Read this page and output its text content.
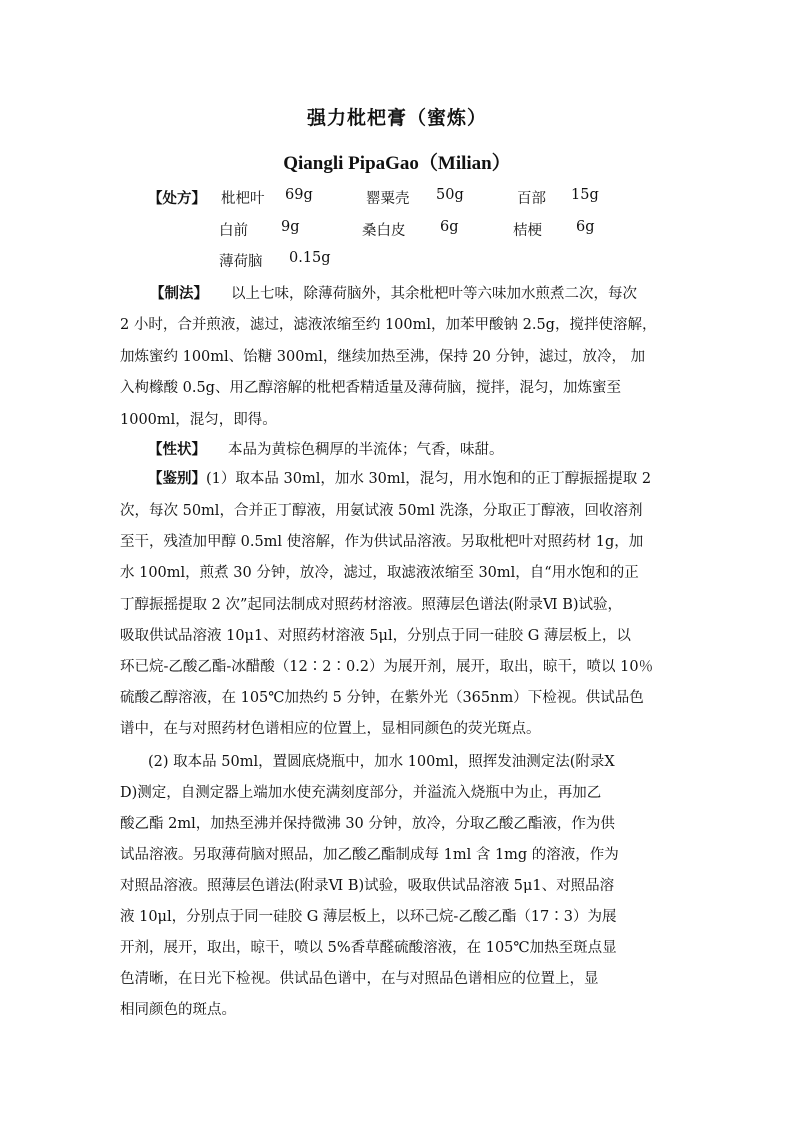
强力枇杷膏（蜜炼）
Qiangli PipaGao（Milian）
【处方】 枇杷叶 69g	罂粟壳 50g	百部 15g
白前 9g	桑白皮 6g	桔梗 6g
薄荷脑 0.15g
【制法】 以上七味，除薄荷脑外，其余枇杷叶等六味加水煎煮二次，每次
2 小时，合并煎液，滤过，滤液浓缩至约 100ml，加苯甲酸钠 2.5g，搅拌使溶解，
加炼蜜约 100ml、饴糖 300ml，继续加热至沸，保持 20 分钟，滤过，放冷， 加
入枸橼酸 0.5g、用乙醇溶解的枇杷香精适量及薄荷脑，搅拌，混匀，加炼蜜至
1000ml，混匀，即得。
【性状】 本品为黄棕色稠厚的半流体；气香，味甜。
【鉴别】 (1）取本品 30ml，加水 30ml，混匀，用水饱和的正丁醇振摇提取 2
次，每次 50ml，合并正丁醇液，用氨试液 50ml 洗涤，分取正丁醇液，回收溶剂
至干，残渣加甲醇 0.5ml 使溶解，作为供试品溶液。另取枇杷叶对照药材 1g，加
水 100ml，煎煮 30 分钟，放冷，滤过，取滤液浓缩至 30ml，自“用水饱和的正
丁醇振摇提取 2 次”起同法制成对照药材溶液。照薄层色谱法(附录Ⅵ B)试验，
吸取供试品溶液 10μ1、对照药材溶液 5μl，分别点于同一硅胶 G 薄层板上，以
环已烷-乙酸乙酯-冰醋酸（12∶2∶0.2）为展开剂，展开，取出，晾干，喷以 10％
硫酸乙醇溶液，在 105℃加热约 5 分钟，在紫外光（365nm）下检视。供试品色
谱中，在与对照药材色谱相应的位置上，显相同颜色的荧光斑点。
(2) 取本品 50ml，置圆底烧瓶中，加水 100ml，照挥发油测定法(附录Ⅹ
D)测定，自测定器上端加水使充满刻度部分，并溢流入烧瓶中为止，再加乙
酸乙酯 2ml，加热至沸并保持微沸 30 分钟，放冷，分取乙酸乙酯液，作为供
试品溶液。另取薄荷脑对照品，加乙酸乙酯制成每 1ml 含 1mg 的溶液，作为
对照品溶液。照薄层色谱法(附录Ⅵ B)试验，吸取供试品溶液 5μ1、对照品溶
液 10μl，分别点于同一硅胶 G 薄层板上，以环己烷-乙酸乙酯（17∶3）为展
开剂，展开，取出，晾干，喷以 5%香草醛硫酸溶液，在 105℃加热至斑点显
色清晰，在日光下检视。供试品色谱中，在与对照品色谱相应的位置上，显
相同颜色的斑点。
